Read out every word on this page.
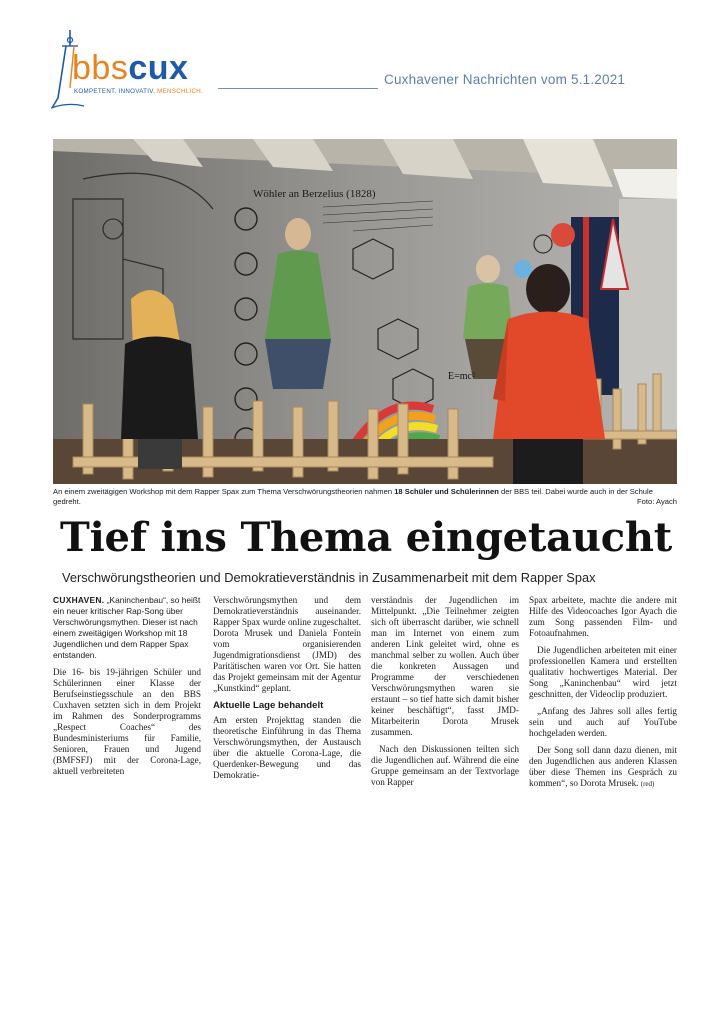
bbscux
KOMPETENT. INNOVATIV. MENSCHLICH.
Cuxhavener Nachrichten vom 5.1.2021
Wöhler an Berzelius (1828)
E=mc²
An einem zweitägigen Workshop mit dem Rapper Spax zum Thema Verschwörungstheorien nahmen 18 Schüler und Schülerinnen der BBS teil. Dabei wurde auch in der Schule gedreht.	Foto: Ayach
Tief ins Thema eingetaucht
Verschwörungstheorien und Demokratieverständnis in Zusammenarbeit mit dem Rapper Spax

CUXHAVEN. „Kaninchenbau“, so heißt ein neuer kritischer Rap-Song über Verschwörungsmythen. Dieser ist nach einem zweitägigen Workshop mit 18 Jugendlichen und dem Rapper Spax entstanden.

Die 16- bis 19-jährigen Schüler und Schülerinnen einer Klasse der Berufseinstiegsschule an den BBS Cuxhaven setzten sich in dem Projekt im Rahmen des Sonderprogramms „Respect Coaches“ des Bundesministeriums für Familie, Senioren, Frauen und Jugend (BMFSFJ) mit der Corona-Lage, aktuell verbreiteten

Verschwörungsmythen und dem Demokratieverständnis auseinander. Rapper Spax wurde online zugeschaltet. Dorota Mrusek und Daniela Fontein vom organisierenden Jugendmigrationsdienst (JMD) des Paritätischen waren vor Ort. Sie hatten das Projekt gemeinsam mit der Agentur „Kunstkind“ geplant.

Aktuelle Lage behandelt

Am ersten Projekttag standen die theoretische Einführung in das Thema Verschwörungsmythen, der Austausch über die aktuelle Corona-Lage, die Querdenker-Bewegung und das Demokratie-

verständnis der Jugendlichen im Mittelpunkt. „Die Teilnehmer zeigten sich oft überrascht darüber, wie schnell man im Internet von einem zum anderen Link geleitet wird, ohne es manchmal selber zu wollen. Auch über die konkreten Aussagen und Programme der verschiedenen Verschwörungsmythen waren sie erstaunt – so tief hatte sich damit bisher keiner beschäftigt“, fasst JMD-Mitarbeiterin Dorota Mrusek zusammen.

Nach den Diskussionen teilten sich die Jugendlichen auf. Während die eine Gruppe gemeinsam an der Textvorlage von Rapper

Spax arbeitete, machte die andere mit Hilfe des Videocoaches Igor Ayach die zum Song passenden Film- und Fotoaufnahmen.

Die Jugendlichen arbeiteten mit einer professionellen Kamera und erstellten qualitativ hochwertiges Material. Der Song „Kaninchenbau“ wird jetzt geschnitten, der Videoclip produziert.

„Anfang des Jahres soll alles fertig sein und auch auf YouTube hochgeladen werden.

Der Song soll dann dazu dienen, mit den Jugendlichen aus anderen Klassen über diese Themen ins Gespräch zu kommen“, so Dorota Mrusek. (red)
